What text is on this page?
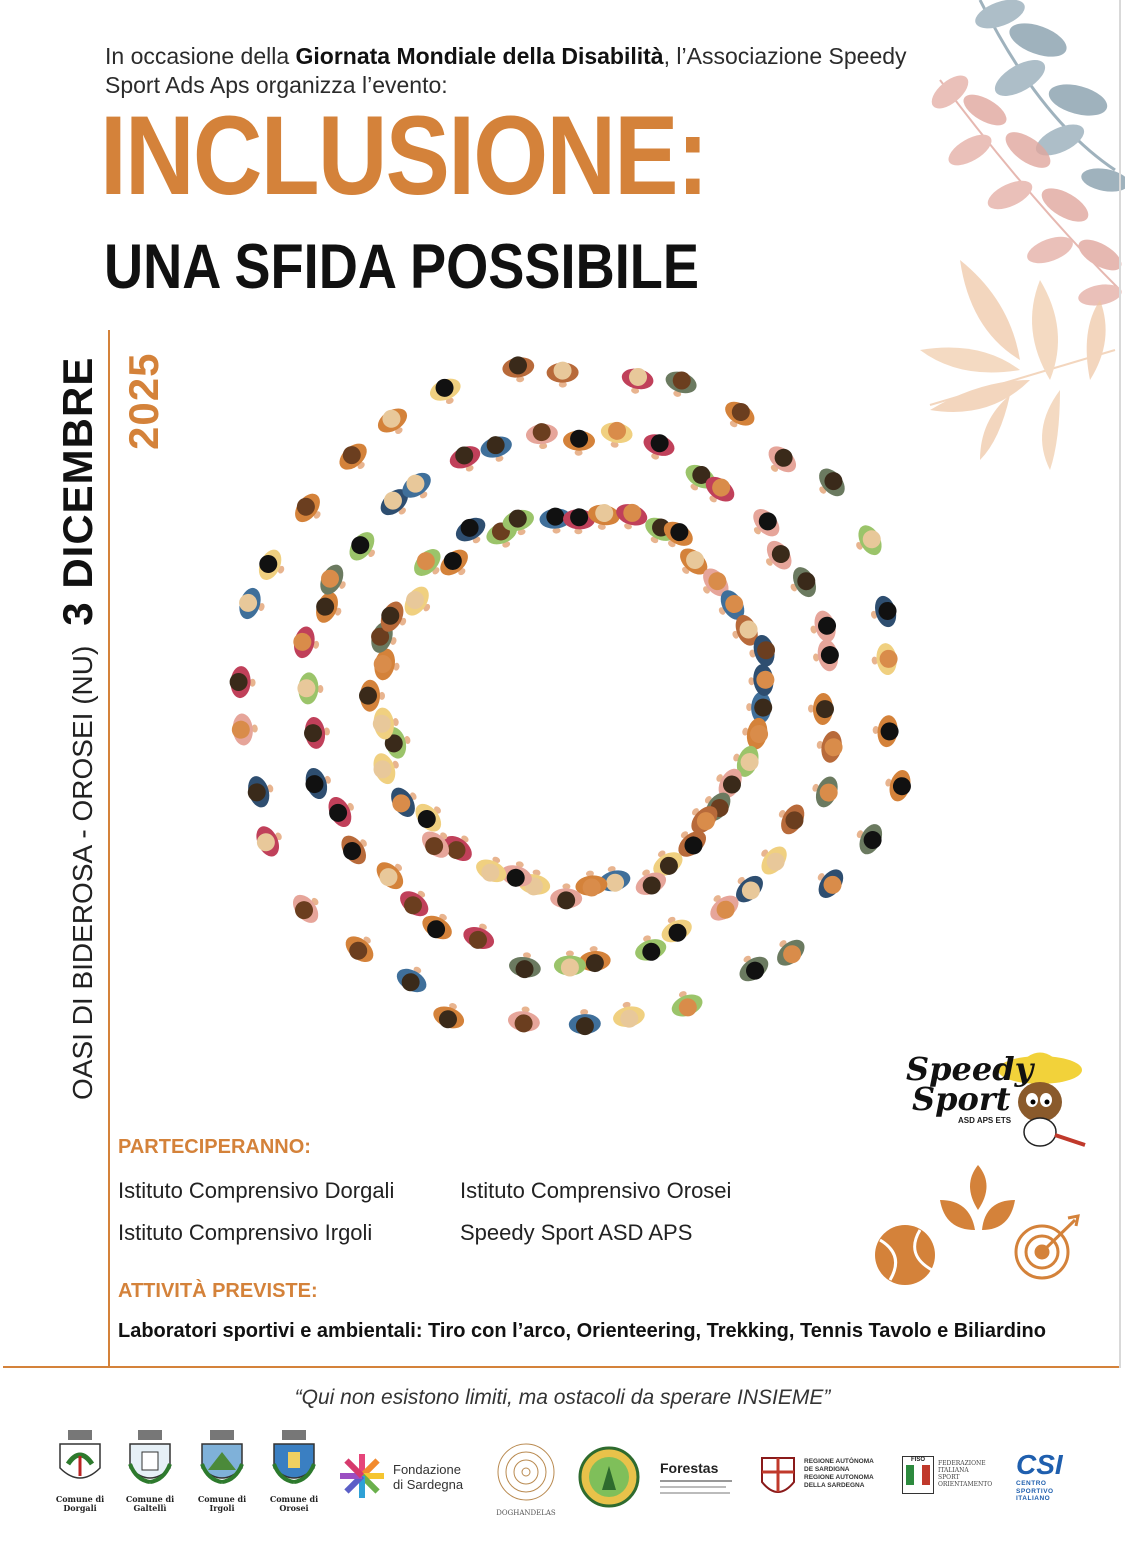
In occasione della Giornata Mondiale della Disabilità, l’Associazione Speedy Sport Ads Aps organizza l’evento:
INCLUSIONE:
UNA SFIDA POSSIBILE
OASI DI BIDEROSA - OROSEI (NU)3 DICEMBRE 2025
Speedy
Sport
ASD APS ETS
PARTECIPERANNO:
Istituto Comprensivo Dorgali	Istituto Comprensivo Orosei
Istituto Comprensivo Irgoli	Speedy Sport ASD APS
ATTIVITÀ PREVISTE:
Laboratori sportivi e ambientali: Tiro con l’arco, Orienteering, Trekking, Tennis Tavolo e Biliardino
“Qui non esistono limiti, ma ostacoli da sperare INSIEME”
Comune di
Dorgali
Comune di
Galtellì
Comune di
Irgoli
Comune di
Orosei
Fondazione
di Sardegna
DOGHANDELAS
Forestas	REGIONE AUTÒNOMA
DE SARDIGNA
REGIONE AUTONOMA
DELLA SARDEGNA
FISO	FEDERAZIONE
ITALIANA
SPORT
ORIENTAMENTO
CSI
CENTRO
SPORTIVO
ITALIANO
